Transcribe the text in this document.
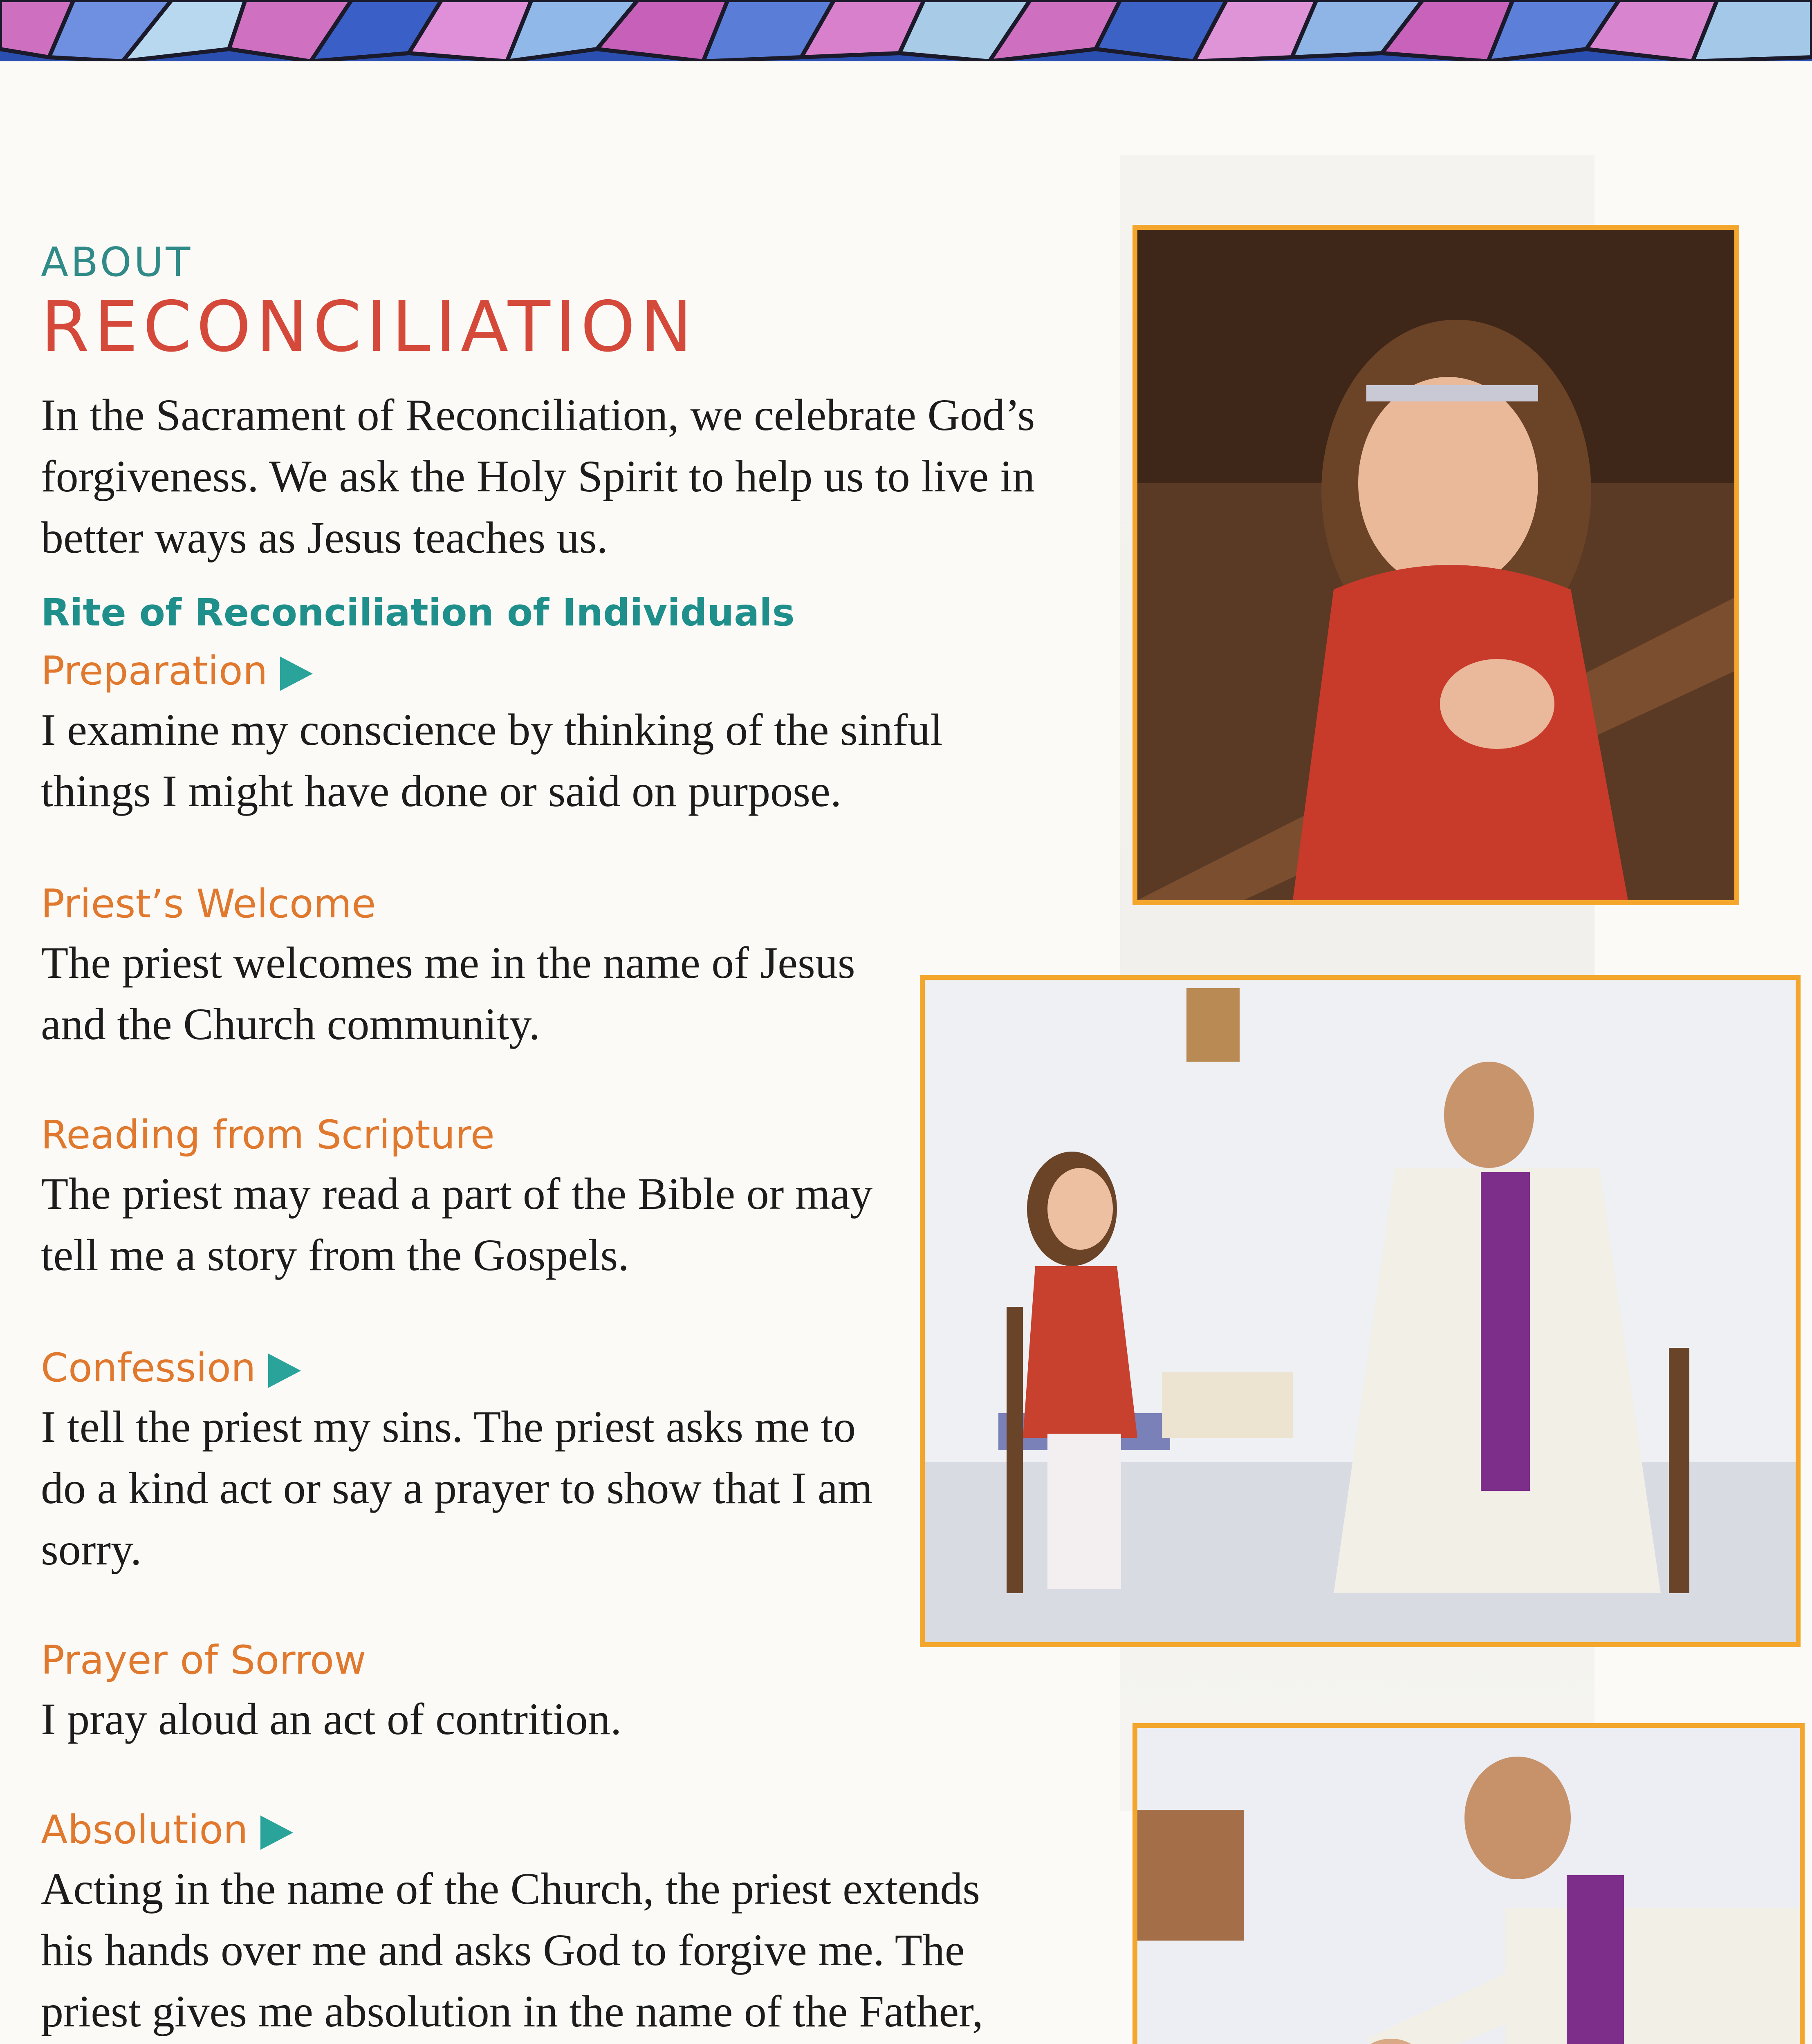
ABOUT
RECONCILIATION

In the Sacrament of Reconciliation, we celebrate God’s forgiveness. We ask the Holy Spirit to help us to live in better ways as Jesus teaches us.

Rite of Reconciliation of Individuals
Preparation

I examine my conscience by thinking of the sinful things I might have done or said on purpose.

Priest’s Welcome

The priest welcomes me in the name of Jesus and the Church community.

Reading from Scripture

The priest may read a part of the Bible or may tell me a story from the Gospels.

Confession

I tell the priest my sins. The priest asks me to do a kind act or say a prayer to show that I am sorry.

Prayer of Sorrow

I pray aloud an act of contrition.

Absolution

Acting in the name of the Church, the priest extends his hands over me and asks God to forgive me. The priest gives me absolution in the name of the Father,
